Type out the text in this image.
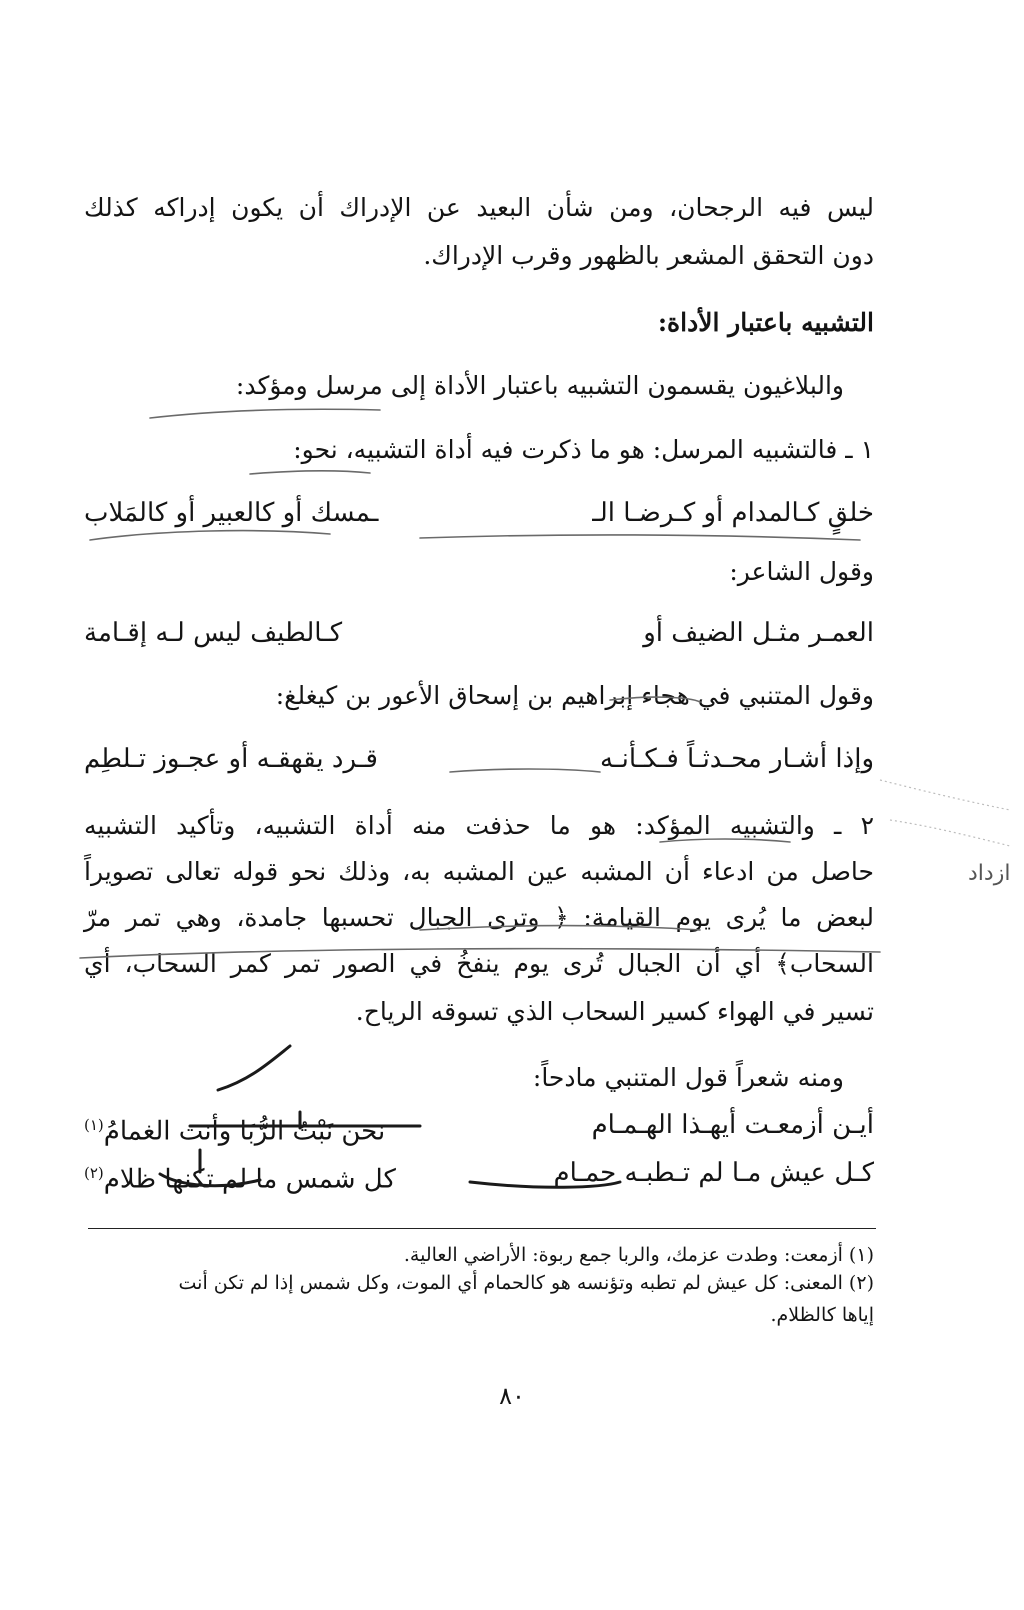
ليس فيه الرجحان، ومن شأن البعيد عن الإدراك أن يكون إدراكه كذلك
دون التحقق المشعر بالظهور وقرب الإدراك.
التشبيه باعتبار الأداة:
والبلاغيون يقسمون التشبيه باعتبار الأداة إلى مرسل ومؤكد:
١ ـ فالتشبيه المرسل: هو ما ذكرت فيه أداة التشبيه، نحو:
خلقٍ كـالمدام أو كـرضـا الـ
ـمسك أو كالعبير أو كالمَلاب
وقول الشاعر:
العمـر مثـل الضيف أو
كـالطيف ليس لـه إقـامة
وقول المتنبي في هجاء إبراهيم بن إسحاق الأعور بن كيغلغ:
وإذا أشـار محـدثـاً فـكـأنـه
قـرد يقهقـه أو عجـوز تـلطِم
٢ ـ والتشبيه المؤكد: هو ما حذفت منه أداة التشبيه، وتأكيد التشبيه
حاصل من ادعاء أن المشبه عين المشبه به، وذلك نحو قوله تعالى تصويراً
لبعض ما يُرى يوم القيامة: ﴿ وترى الجبال تحسبها جامدة، وهي تمر مرّ
السحاب﴾ أي أن الجبال تُرى يوم ينفخُ في الصور تمر كمر السحاب، أي
تسير في الهواء كسير السحاب الذي تسوقه الرياح.
ومنه شعراً قول المتنبي مادحاً:
أيـن أزمعـت أيهـذا الهـمـام
نحن نَبْتُ الرُّبَا وأنت الغمامُ$^{(١)}$
كـل عيش مـا لم تـطبـه حِمـام
كل شمس ما لم تكنها ظلام$^{(٢)}$
(١) أزمعت: وطدت عزمك، والربا جمع ربوة: الأراضي العالية.
(٢) المعنى: كل عيش لم تطبه وتؤنسه هو كالحمام أي الموت، وكل شمس إذا لم تكن أنت
إياها كالظلام.
٨٠
ازداد
